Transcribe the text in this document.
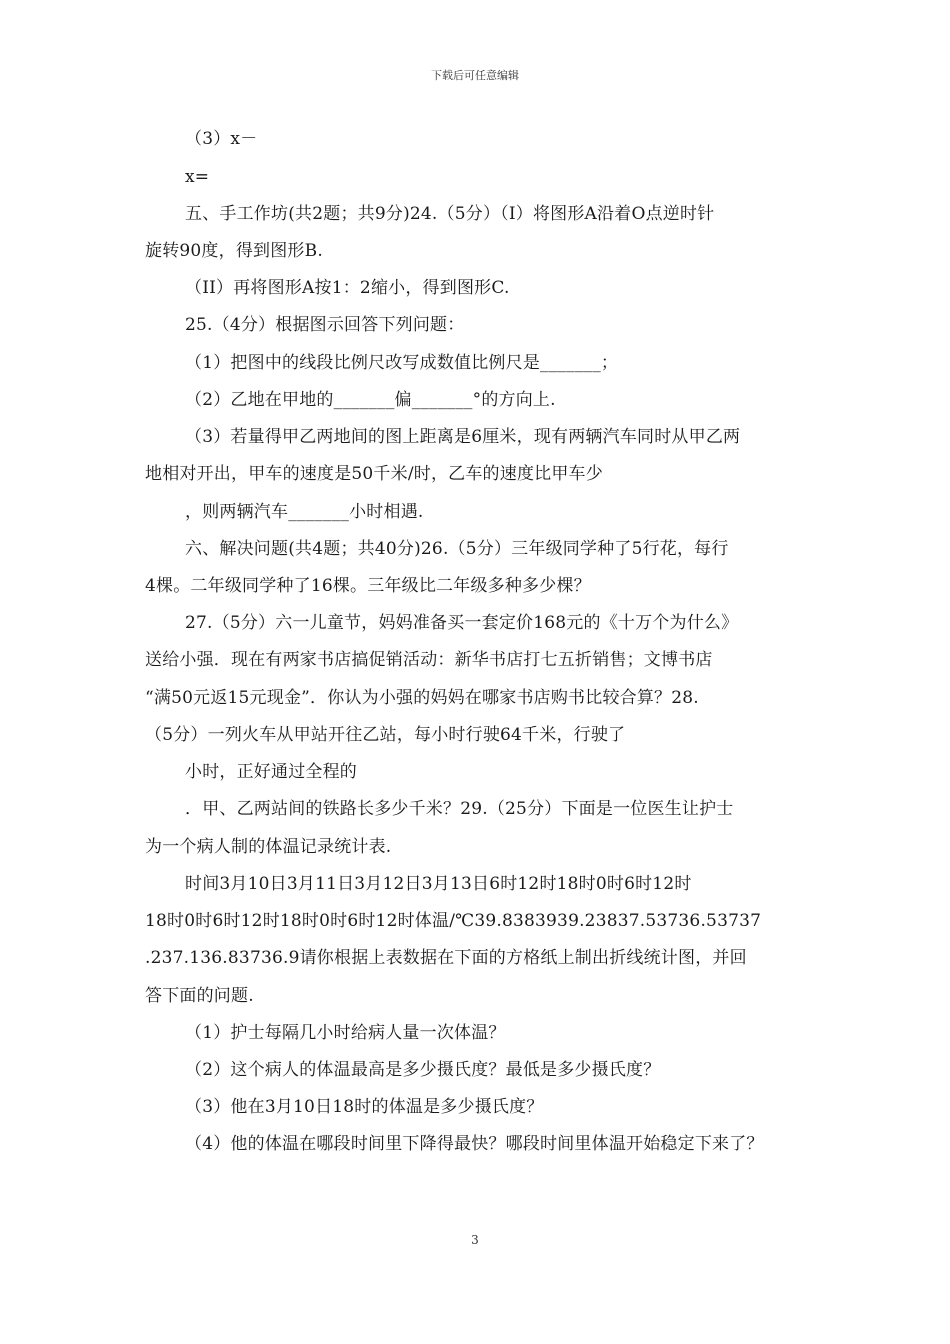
下载后可任意编辑
（3）x－
x=
五、手工作坊(共2题；共9分)24.（5分）（I）将图形A沿着O点逆时针
旋转90度，得到图形B.
（II）再将图形A按1：2缩小，得到图形C.
25.（4分）根据图示回答下列问题：
（1）把图中的线段比例尺改写成数值比例尺是_______；
（2）乙地在甲地的_______偏_______°的方向上.
（3）若量得甲乙两地间的图上距离是6厘米，现有两辆汽车同时从甲乙两
地相对开出，甲车的速度是50千米/时，乙车的速度比甲车少
，则两辆汽车_______小时相遇.
六、解决问题(共4题；共40分)26.（5分）三年级同学种了5行花，每行
4棵。二年级同学种了16棵。三年级比二年级多种多少棵？
27.（5分）六一儿童节，妈妈准备买一套定价168元的《十万个为什么》
送给小强．现在有两家书店搞促销活动：新华书店打七五折销售；文博书店
“满50元返15元现金”．你认为小强的妈妈在哪家书店购书比较合算？28.
（5分）一列火车从甲站开往乙站，每小时行驶64千米，行驶了
小时，正好通过全程的
．甲、乙两站间的铁路长多少千米？29.（25分）下面是一位医生让护士
为一个病人制的体温记录统计表.
时间3月10日3月11日3月12日3月13日6时12时18时0时6时12时
18时0时6时12时18时0时6时12时体温/℃39.8383939.23837.53736.53737
.237.136.83736.9请你根据上表数据在下面的方格纸上制出折线统计图，并回
答下面的问题.
（1）护士每隔几小时给病人量一次体温？
（2）这个病人的体温最高是多少摄氏度？最低是多少摄氏度？
（3）他在3月10日18时的体温是多少摄氏度？
（4）他的体温在哪段时间里下降得最快？哪段时间里体温开始稳定下来了？
3
